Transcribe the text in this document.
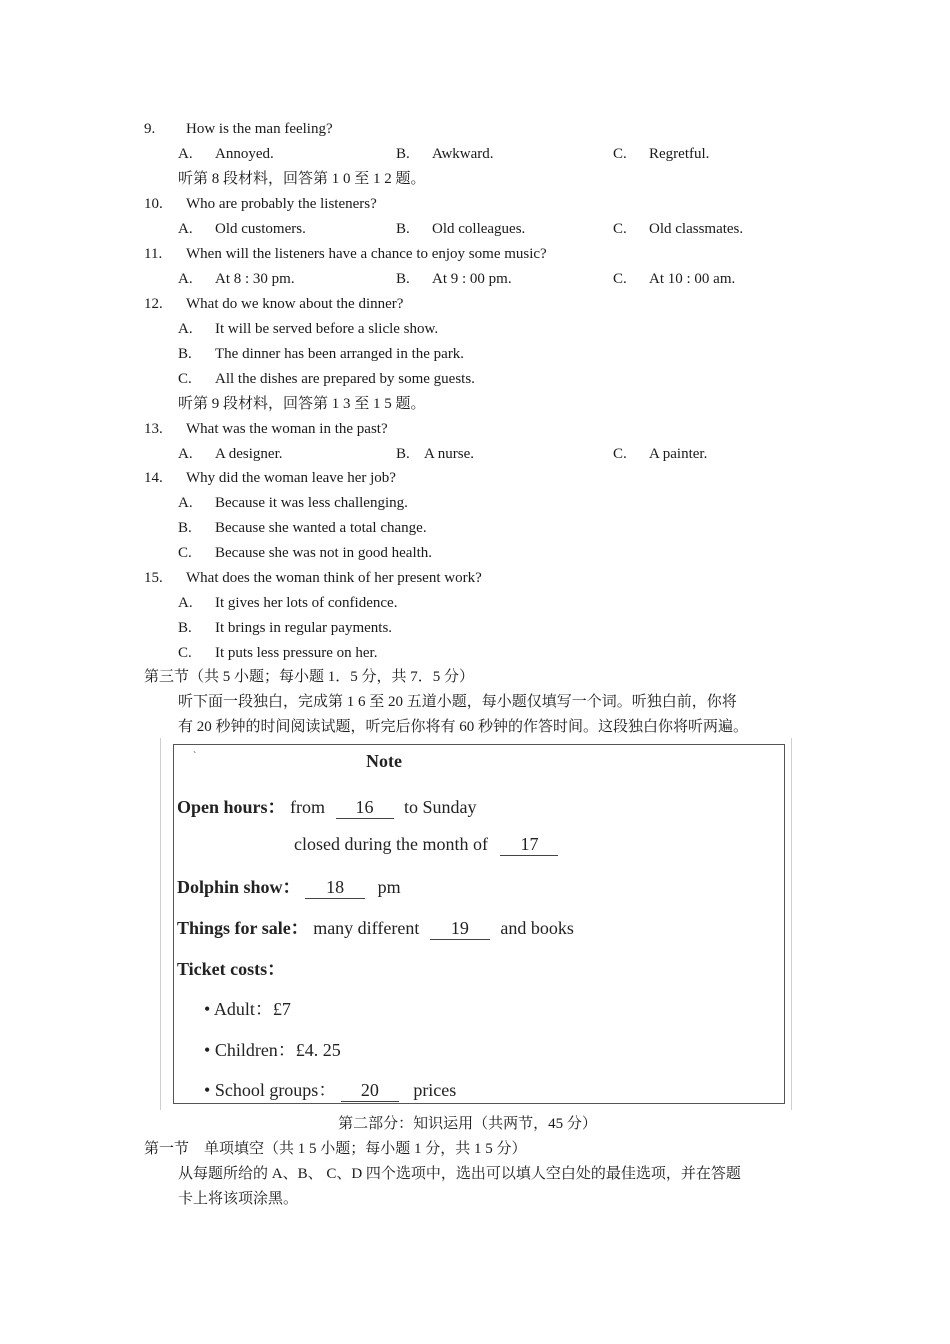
9. How is the man feeling?
A. Annoyed.	B. Awkward.	C. Regretful.
听第 8 段材料，回答第 1 0 至 1 2 题。
10. Who are probably the listeners?
A. Old customers.	B. Old colleagues.	C. Old classmates.
11. When will the listeners have a chance to enjoy some music?
A. At 8 : 30 pm.	B. At 9 : 00 pm.	C. At 10 : 00 am.
12. What do we know about the dinner?
A. It will be served before a slicle show.
B. The dinner has been arranged in the park.
C. All the dishes are prepared by some guests.
听第 9 段材料，回答第 1 3 至 1 5 题。
13. What was the woman in the past?
A. A designer.	B. A nurse.	C. A painter.
14. Why did the woman leave her job?
A. Because it was less challenging.
B. Because she wanted a total change.
C. Because she was not in good health.
15. What does the woman think of her present work?
A. It gives her lots of confidence.
B. It brings in regular payments.
C. It puts less pressure on her.
第三节（共 5 小题；每小题 1．5 分，共 7．5 分）
听下面一段独白，完成第 1 6 至 20 五道小题，每小题仅填写一个词。听独白前，你将
有 20 秒钟的时间阅读试题，听完后你将有 60 秒钟的作答时间。这段独白你将听两遍。
ˋ	Note
Open hours： from 16 to Sunday
closed during the month of 17
Dolphin show： 18 pm
Things for sale： many different 19 and books
Ticket costs：
• Adult：£7
• Children：£4. 25
• School groups： 20 prices
第二部分：知识运用（共两节，45 分）
第一节　单项填空（共 1 5 小题；每小题 1 分，共 1 5 分）
从每题所给的 A、B、 C、D 四个选项中，选出可以填人空白处的最佳选项，并在答题
卡上将该项涂黑。
